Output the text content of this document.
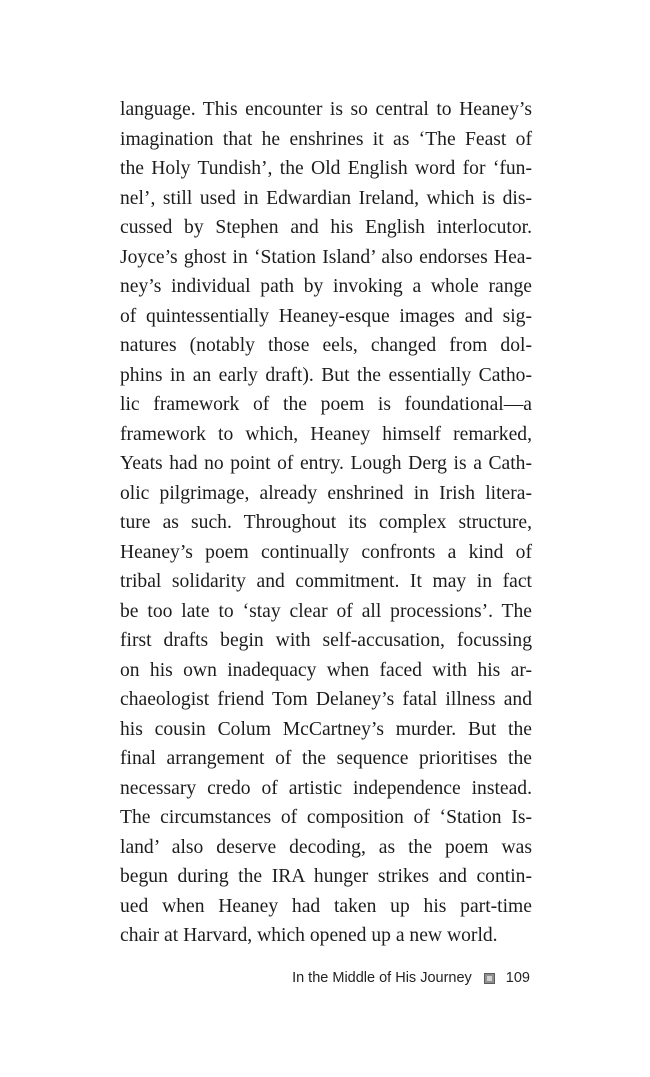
language. This encounter is so central to Heaney’s
imagination that he enshrines it as ‘The Feast of
the Holy Tundish’, the Old English word for ‘fun-
nel’, still used in Edwardian Ireland, which is dis-
cussed by Stephen and his English interlocutor.
Joyce’s ghost in ‘Station Island’ also endorses Hea-
ney’s individual path by invoking a whole range
of quintessentially Heaney-esque images and sig-
natures (notably those eels, changed from dol-
phins in an early draft). But the essentially Catho-
lic framework of the poem is foundational—a
framework to which, Heaney himself remarked,
Yeats had no point of entry. Lough Derg is a Cath-
olic pilgrimage, already enshrined in Irish litera-
ture as such. Throughout its complex structure,
Heaney’s poem continually confronts a kind of
tribal solidarity and commitment. It may in fact
be too late to ‘stay clear of all processions’. The
first drafts begin with self-accusation, focussing
on his own inadequacy when faced with his ar-
chaeologist friend Tom Delaney’s fatal illness and
his cousin Colum McCartney’s murder. But the
final arrangement of the sequence prioritises the
necessary credo of artistic independence instead.
The circumstances of composition of ‘Station Is-
land’ also deserve decoding, as the poem was
begun during the IRA hunger strikes and contin-
ued when Heaney had taken up his part-time
chair at Harvard, which opened up a new world.
In the Middle of His Journey 109
